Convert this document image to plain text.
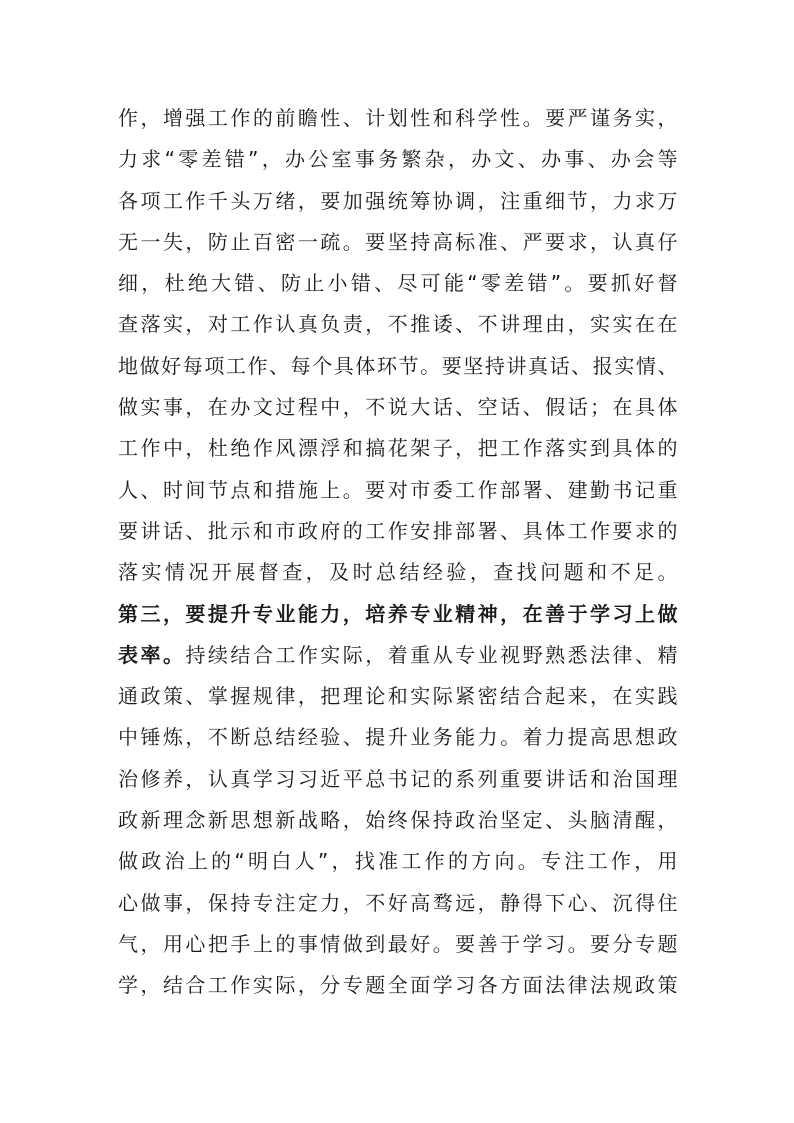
作，增强工作的前瞻性、计划性和科学性。要严谨务实，
力求“零差错”，办公室事务繁杂，办文、办事、办会等
各项工作千头万绪，要加强统筹协调，注重细节，力求万
无一失，防止百密一疏。要坚持高标准、严要求，认真仔
细，杜绝大错、防止小错、尽可能“零差错”。要抓好督
查落实，对工作认真负责，不推诿、不讲理由，实实在在
地做好每项工作、每个具体环节。要坚持讲真话、报实情、
做实事，在办文过程中，不说大话、空话、假话；在具体
工作中，杜绝作风漂浮和搞花架子，把工作落实到具体的
人、时间节点和措施上。要对市委工作部署、建勤书记重
要讲话、批示和市政府的工作安排部署、具体工作要求的
落实情况开展督查，及时总结经验，查找问题和不足。
第三，要提升专业能力，培养专业精神，在善于学习上做
表率。持续结合工作实际，着重从专业视野熟悉法律、精
通政策、掌握规律，把理论和实际紧密结合起来，在实践
中锤炼，不断总结经验、提升业务能力。着力提高思想政
治修养，认真学习习近平总书记的系列重要讲话和治国理
政新理念新思想新战略，始终保持政治坚定、头脑清醒，
做政治上的“明白人”，找准工作的方向。专注工作，用
心做事，保持专注定力，不好高骛远，静得下心、沉得住
气，用心把手上的事情做到最好。要善于学习。要分专题
学，结合工作实际，分专题全面学习各方面法律法规政策
